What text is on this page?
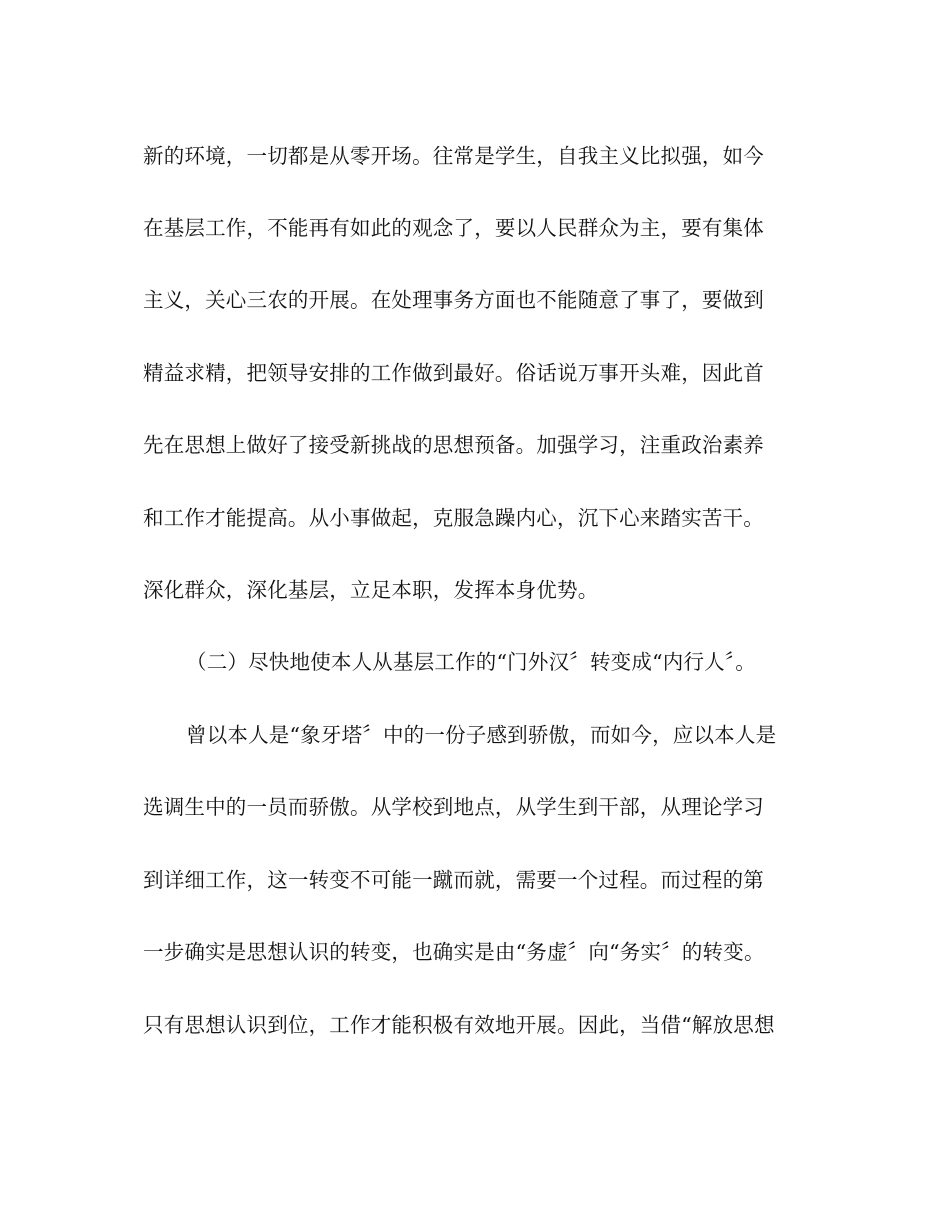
新的环境，一切都是从零开场。往常是学生，自我主义比拟强，如今
在基层工作，不能再有如此的观念了，要以人民群众为主，要有集体
主义，关心三农的开展。在处理事务方面也不能随意了事了，要做到
精益求精，把领导安排的工作做到最好。俗话说万事开头难，因此首
先在思想上做好了接受新挑战的思想预备。加强学习，注重政治素养
和工作才能提高。从小事做起，克服急躁内心，沉下心来踏实苦干。
深化群众，深化基层，立足本职，发挥本身优势。
（二）尽快地使本人从基层工作的“门外汉〞转变成“内行人〞。
曾以本人是“象牙塔〞中的一份子感到骄傲，而如今，应以本人是
选调生中的一员而骄傲。从学校到地点，从学生到干部，从理论学习
到详细工作，这一转变不可能一蹴而就，需要一个过程。而过程的第
一步确实是思想认识的转变，也确实是由“务虚〞向“务实〞的转变。
只有思想认识到位，工作才能积极有效地开展。因此，当借“解放思想
